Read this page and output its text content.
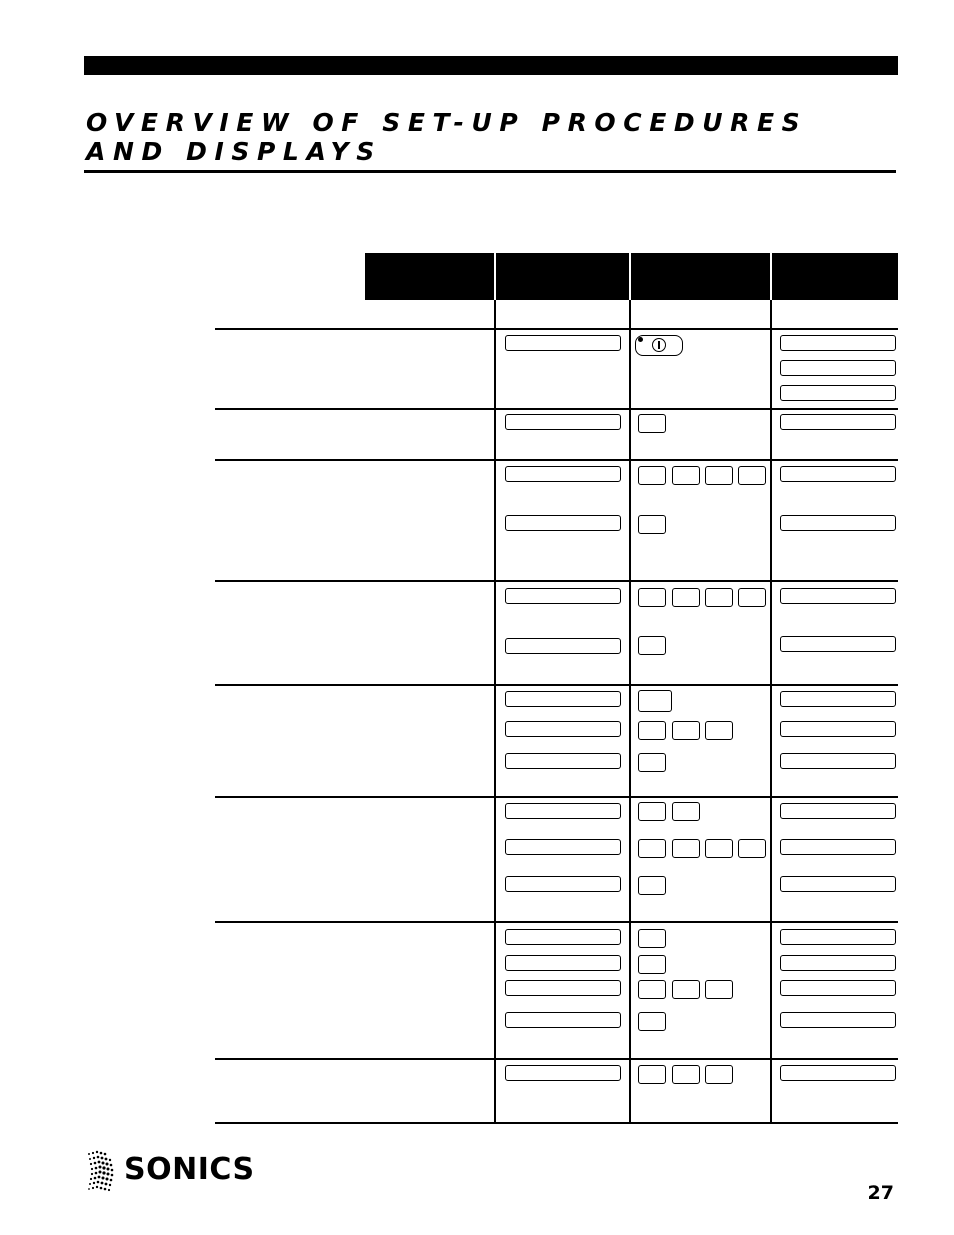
OVERVIEW OF SET-UP PROCEDURES AND DISPLAYS
SONICS
27
